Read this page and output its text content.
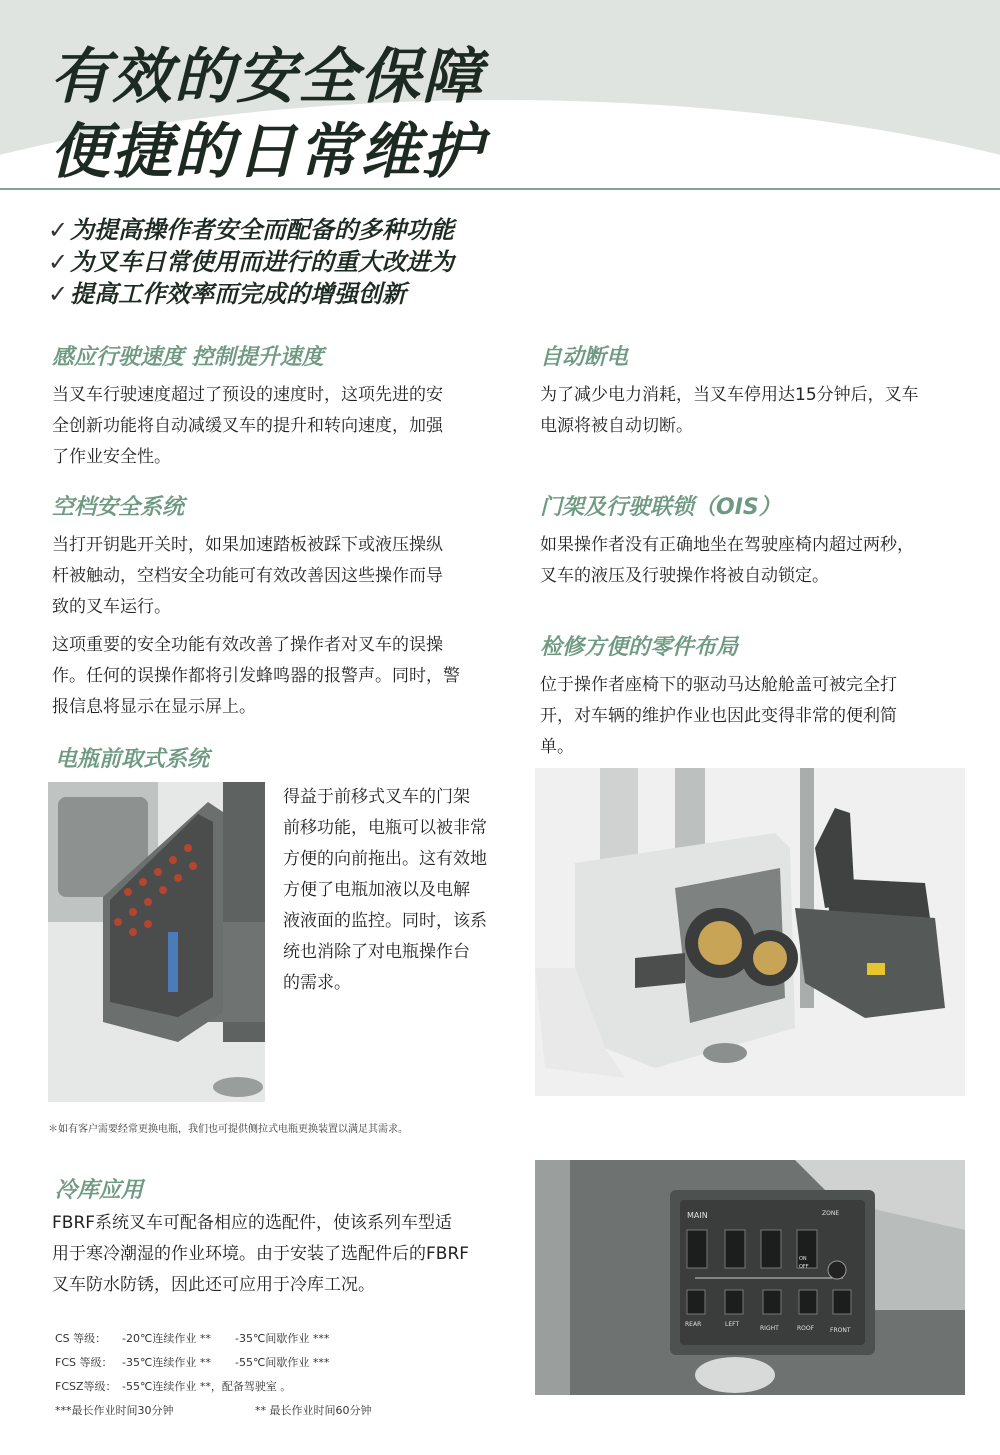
有效的安全保障
便捷的日常维护
✓为提高操作者安全而配备的多种功能
✓为叉车日常使用而进行的重大改进为
✓提高工作效率而完成的增强创新
感应行驶速度 控制提升速度
当叉车行驶速度超过了预设的速度时，这项先进的安
全创新功能将自动减缓叉车的提升和转向速度，加强
了作业安全性。
空档安全系统
当打开钥匙开关时，如果加速踏板被踩下或液压操纵
杆被触动，空档安全功能可有效改善因这些操作而导
致的叉车运行。
这项重要的安全功能有效改善了操作者对叉车的误操
作。任何的误操作都将引发蜂鸣器的报警声。同时，警
报信息将显示在显示屏上。
电瓶前取式系统
得益于前移式叉车的门架
前移功能，电瓶可以被非常
方便的向前拖出。这有效地
方便了电瓶加液以及电解
液液面的监控。同时，该系
统也消除了对电瓶操作台
的需求。
＊如有客户需要经常更换电瓶，我们也可提供侧拉式电瓶更换装置以满足其需求。
冷库应用
FBRF系统叉车可配备相应的选配件，使该系列车型适
用于寒冷潮湿的作业环境。由于安装了选配件后的FBRF
叉车防水防锈，因此还可应用于冷库工况。
CS 等级： -20℃连续作业 ** -35℃间歇作业 ***
FCS 等级： -35℃连续作业 ** -55℃间歇作业 ***
FCSZ等级： -55℃连续作业 **，配备驾驶室 。
***最长作业时间30分钟	** 最长作业时间60分钟
自动断电
为了减少电力消耗，当叉车停用达15分钟后，叉车
电源将被自动切断。
门架及行驶联锁（OIS）
如果操作者没有正确地坐在驾驶座椅内超过两秒，
叉车的液压及行驶操作将被自动锁定。
检修方便的零件布局
位于操作者座椅下的驱动马达舱舱盖可被完全打
开，对车辆的维护作业也因此变得非常的便利简
单。
MAIN	ZONE
ON
OFF
REAR	LEFT
RIGHT	ROOF	FRONT
